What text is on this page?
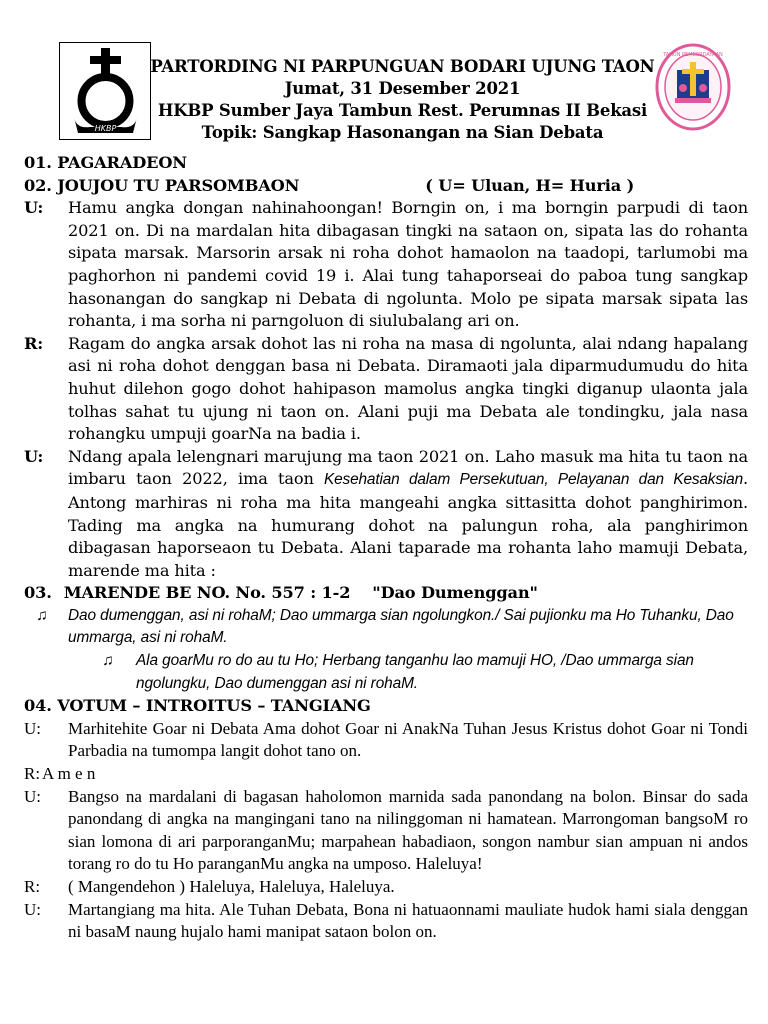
HKBP
TAHUN PEMBERDAYAAN
PARTORDING NI PARPUNGUAN BODARI UJUNG TAON
Jumat, 31 Desember 2021
HKBP Sumber Jaya Tambun Rest. Perumnas II Bekasi
Topik: Sangkap Hasonangan na Sian Debata
01. PAGARADEON
02. JOUJOU TU PARSOMBAON	( U= Uluan, H= Huria )
U:	Hamu angka dongan nahinahoongan! Borngin on, i ma borngin parpudi di taon 2021 on. Di na mardalan hita dibagasan tingki na sataon on, sipata las do rohanta sipata marsak. Marsorin arsak ni roha dohot hamaolon na taadopi, tarlumobi ma paghorhon ni pandemi covid 19 i. Alai tung tahaporseai do paboa tung sangkap hasonangan do sangkap ni Debata di ngolunta. Molo pe sipata marsak sipata las rohanta, i ma sorha ni parngoluon di siulubalang ari on.
R:	Ragam do angka arsak dohot las ni roha na masa di ngolunta, alai ndang hapalang asi ni roha dohot denggan basa ni Debata. Diramaoti jala diparmudumudu do hita huhut dilehon gogo dohot hahipason mamolus angka tingki diganup ulaonta jala tolhas sahat tu ujung ni taon on. Alani puji ma Debata ale tondingku, jala nasa rohangku umpuji goarNa na badia i.
U:	Ndang apala lelengnari marujung ma taon 2021 on. Laho masuk ma hita tu taon na imbaru taon 2022, ima taon Kesehatian dalam Persekutuan, Pelayanan dan Kesaksian. Antong marhiras ni roha ma hita mangeahi angka sittasitta dohot panghirimon. Tading ma angka na humurang dohot na palungun roha, ala panghirimon dibagasan haporseaon tu Debata. Alani taparade ma rohanta laho mamuji Debata, marende ma hita :
03. MARENDE BE NO. No. 557 : 1-2 "Dao Dumenggan"
♫	Dao dumenggan, asi ni rohaM; Dao ummarga sian ngolungkon./ Sai pujionku ma Ho Tuhanku, Dao ummarga, asi ni rohaM.
♫	Ala goarMu ro do au tu Ho; Herbang tanganhu lao mamuji HO, /Dao ummarga sian ngolungku, Dao dumenggan asi ni rohaM.
04. VOTUM – INTROITUS – TANGIANG
U:	Marhitehite Goar ni Debata Ama dohot Goar ni AnakNa Tuhan Jesus Kristus dohot Goar ni Tondi Parbadia na tumompa langit dohot tano on.
R: A m e n
U:	Bangso na mardalani di bagasan haholomon marnida sada panondang na bolon. Binsar do sada panondang di angka na mangingani tano na nilinggoman ni hamatean. Marrongoman bangsoM ro sian lomona di ari parporanganMu; marpahean habadiaon, songon nambur sian ampuan ni andos torang ro do tu Ho paranganMu angka na umposo. Haleluya!
R:	( Mangendehon ) Haleluya, Haleluya, Haleluya.
U:	Martangiang ma hita. Ale Tuhan Debata, Bona ni hatuaonnami mauliate hudok hami siala denggan ni basaM naung hujalo hami manipat sataon bolon on.
